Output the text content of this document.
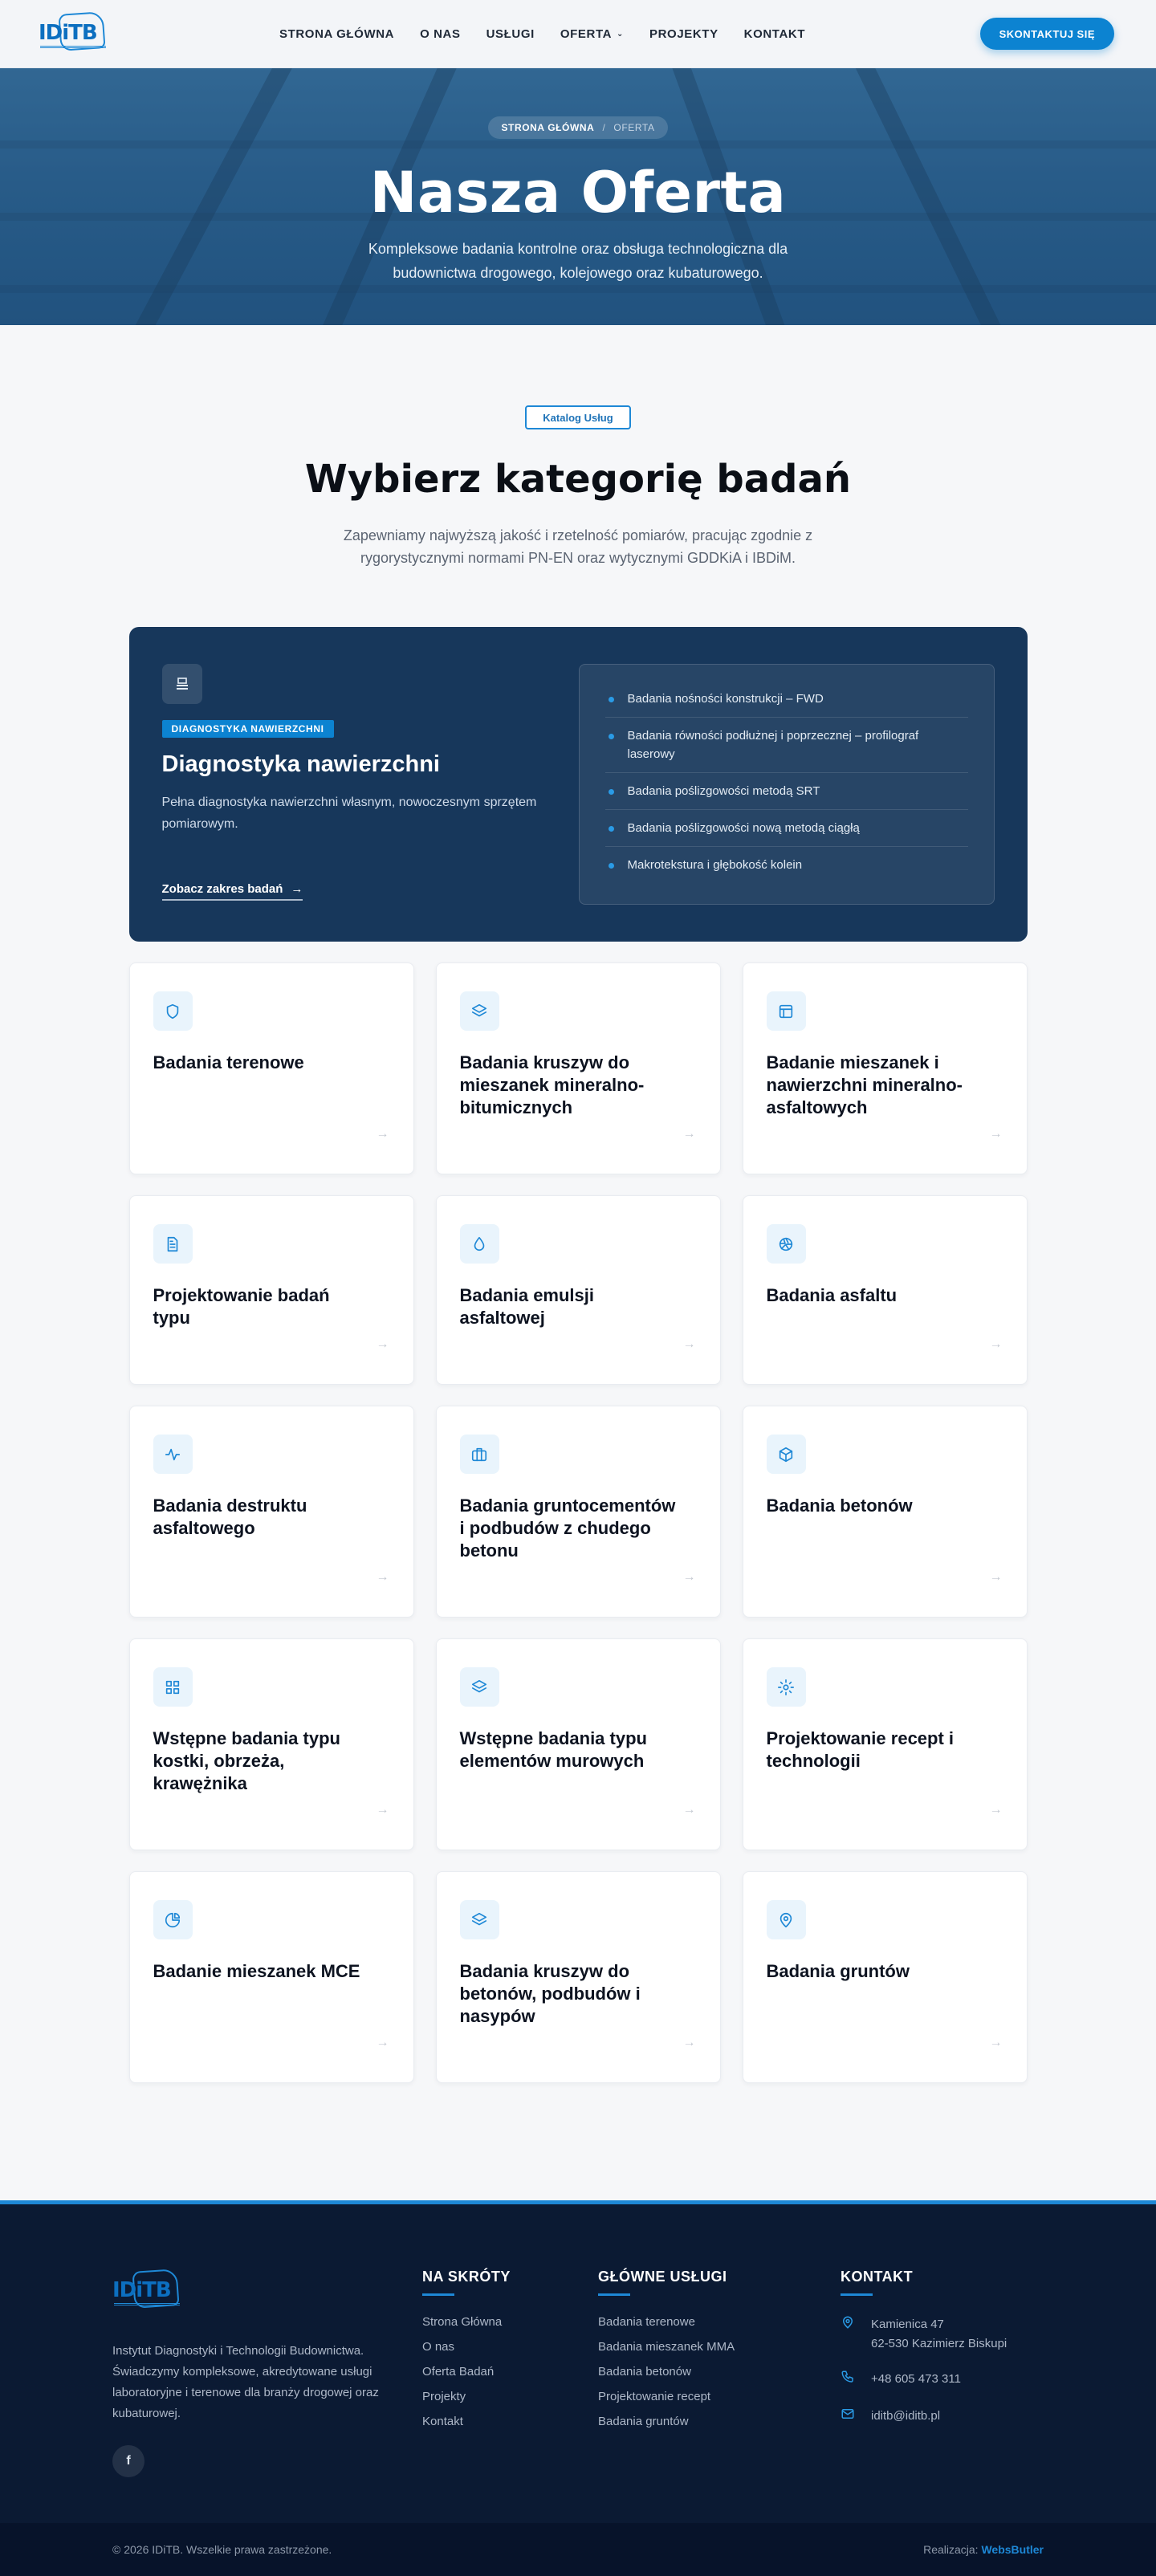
IDiTB	STRONA GŁÓWNA O NAS USŁUGI OFERTA ⌄ PROJEKTY KONTAKT	SKONTAKTUJ SIĘ
STRONA GŁÓWNA / OFERTA
Nasza Oferta

Kompleksowe badania kontrolne oraz obsługa technologiczna dla budownictwa drogowego, kolejowego oraz kubaturowego.

Katalog Usług
Wybierz kategorię badań

Zapewniamy najwyższą jakość i rzetelność pomiarów, pracując zgodnie z rygorystycznymi normami PN-EN oraz wytycznymi GDDKiA i IBDiM.

DIAGNOSTYKA NAWIERZCHNI
Diagnostyka nawierzchni
Pełna diagnostyka nawierzchni własnym, nowoczesnym sprzętem pomiarowym.
Zobacz zakres badań →
Badania nośności konstrukcji – FWD
Badania równości podłużnej i poprzecznej – profilograf laserowy
Badania poślizgowości metodą SRT
Badania poślizgowości nową metodą ciągłą
Makrotekstura i głębokość kolein
Badania terenowe
→
Badania kruszyw do mieszanek mineralno-bitumicznych
→
Badanie mieszanek i nawierzchni mineralno-asfaltowych
→
Projektowanie badań typu
→
Badania emulsji asfaltowej
→
Badania asfaltu
→
Badania destruktu asfaltowego
→
Badania gruntocementów i podbudów z chudego betonu
→
Badania betonów
→
Wstępne badania typu kostki, obrzeża, krawężnika
→
Wstępne badania typu elementów murowych
→
Projektowanie recept i technologii
→
Badanie mieszanek MCE
→
Badania kruszyw do betonów, podbudów i nasypów
→
Badania gruntów
→
IDiTB

Instytut Diagnostyki i Technologii Budownictwa. Świadczymy kompleksowe, akredytowane usługi laboratoryjne i terenowe dla branży drogowej oraz kubaturowej.

f
NA SKRÓTY
Strona Główna
O nas
Oferta Badań
Projekty
Kontakt
GŁÓWNE USŁUGI
Badania terenowe
Badania mieszanek MMA
Badania betonów
Projektowanie recept
Badania gruntów
KONTAKT
Kamienica 47
62-530 Kazimierz Biskupi
+48 605 473 311
iditb@iditb.pl
© 2026 IDiTB. Wszelkie prawa zastrzeżone.	Realizacja: WebsButler
